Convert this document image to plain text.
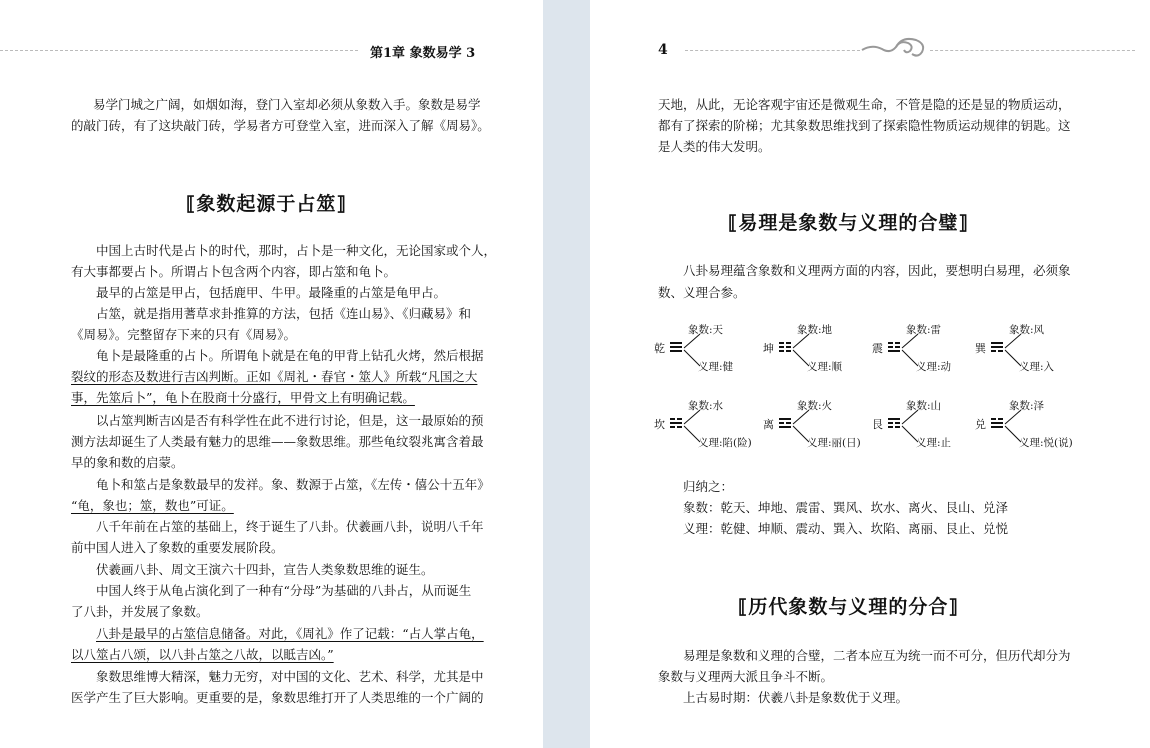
第1章 象数易学 3
易学门城之广阔，如烟如海，登门入室却必须从象数入手。象数是易学
的敲门砖，有了这块敲门砖，学易者方可登堂入室，进而深入了解《周易》。
⟦象数起源于占筮⟧
中国上古时代是占卜的时代，那时，占卜是一种文化，无论国家或个人，
有大事都要占卜。所谓占卜包含两个内容，即占筮和龟卜。
最早的占筮是甲占，包括鹿甲、牛甲。最隆重的占筮是龟甲占。
占筮，就是指用蓍草求卦推算的方法，包括《连山易》、《归藏易》和
《周易》。完整留存下来的只有《周易》。
龟卜是最隆重的占卜。所谓龟卜就是在龟的甲背上钻孔火烤，然后根据
裂纹的形态及数进行吉凶判断。正如《周礼・春官・筮人》所载“凡国之大
事，先筮后卜”，龟卜在股商十分盛行，甲骨文上有明确记载。
以占筮判断吉凶是否有科学性在此不进行讨论，但是，这一最原始的预
测方法却诞生了人类最有魅力的思维——象数思维。那些龟纹裂兆寓含着最
早的象和数的启蒙。
龟卜和筮占是象数最早的发祥。象、数源于占筮，《左传・僖公十五年》
“龟，象也；筮，数也”可证。
八千年前在占筮的基础上，终于诞生了八卦。伏羲画八卦，说明八千年
前中国人进入了象数的重要发展阶段。
伏羲画八卦、周文王演六十四卦，宣告人类象数思维的诞生。
中国人终于从龟占演化到了一种有“分母”为基础的八卦占，从而诞生
了八卦，并发展了象数。
八卦是最早的占筮信息储备。对此，《周礼》作了记载：“占人掌占龟，
以八筮占八颂，以八卦占筮之八故，以眡吉凶。”
象数思维博大精深，魅力无穷，对中国的文化、艺术、科学，尤其是中
医学产生了巨大影响。更重要的是，象数思维打开了人类思维的一个广阔的
4
天地，从此，无论客观宇宙还是微观生命，不管是隐的还是显的物质运动，
都有了探索的阶梯；尤其象数思维找到了探索隐性物质运动规律的钥匙。这
是人类的伟大发明。
⟦易理是象数与义理的合璧⟧
八卦易理蕴含象数和义理两方面的内容，因此，要想明白易理，必须象
数、义理合参。
乾
象数:天
义理:健
坤
象数:地
义理:顺
震
象数:雷
义理:动
巽
象数:风
义理:入
坎
象数:水
义理:陷(险)
离
象数:火
义理:丽(日)
艮
象数:山
义理:止
兑
象数:泽
义理:悦(说)
归纳之：
象数：乾天、坤地、震雷、巽风、坎水、离火、艮山、兑泽
义理：乾健、坤顺、震动、巽入、坎陷、离丽、艮止、兑悦
⟦历代象数与义理的分合⟧
易理是象数和义理的合璧，二者本应互为统一而不可分，但历代却分为
象数与义理两大派且争斗不断。
上古易时期：伏羲八卦是象数优于义理。
